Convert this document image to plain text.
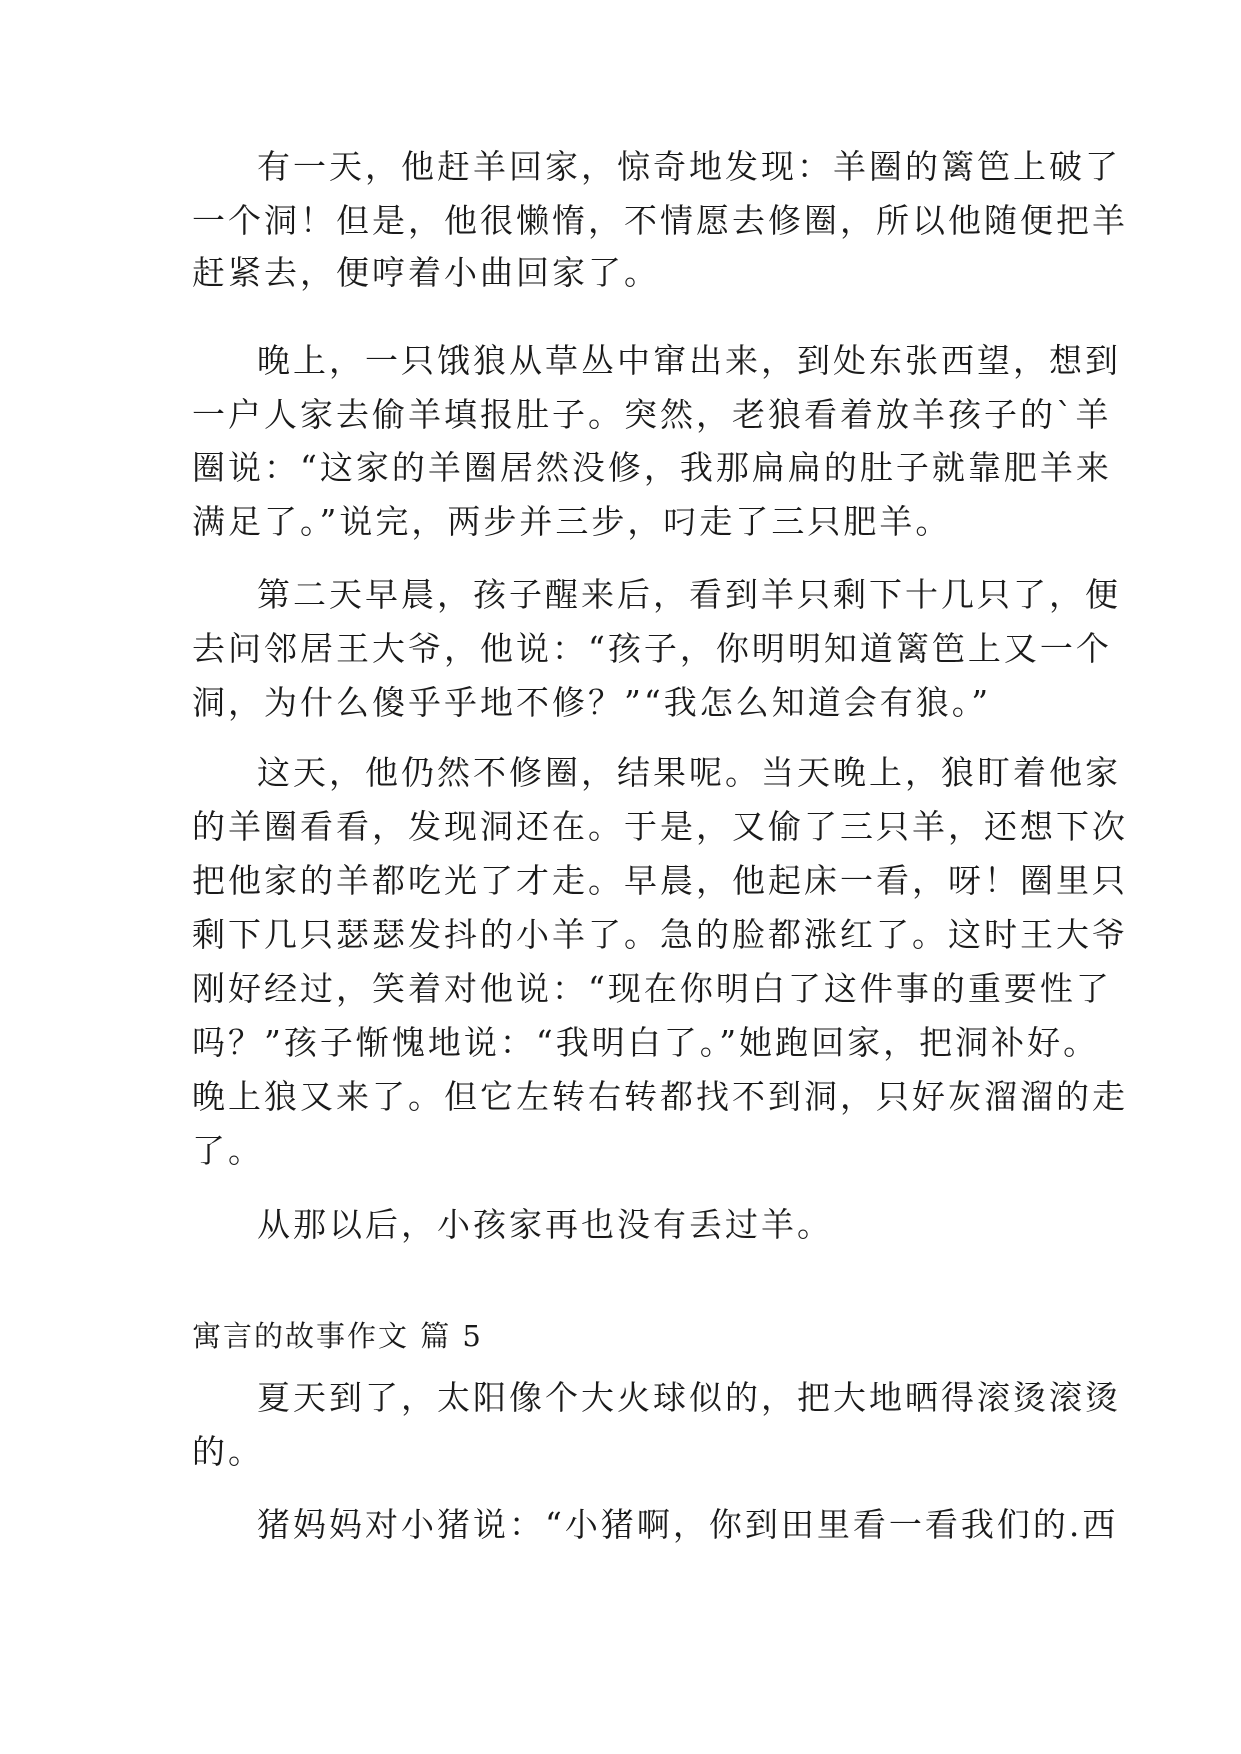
有一天，他赶羊回家，惊奇地发现：羊圈的篱笆上破了
一个洞！但是，他很懒惰，不情愿去修圈，所以他随便把羊
赶紧去，便哼着小曲回家了。
晚上，一只饿狼从草丛中窜出来，到处东张西望，想到
一户人家去偷羊填报肚子。突然，老狼看着放羊孩子的`羊
圈说：“这家的羊圈居然没修，我那扁扁的肚子就靠肥羊来
满足了。”说完，两步并三步，叼走了三只肥羊。
第二天早晨，孩子醒来后，看到羊只剩下十几只了，便
去问邻居王大爷，他说：“孩子，你明明知道篱笆上又一个
洞，为什么傻乎乎地不修？”“我怎么知道会有狼。”
这天，他仍然不修圈，结果呢。当天晚上，狼盯着他家
的羊圈看看，发现洞还在。于是，又偷了三只羊，还想下次
把他家的羊都吃光了才走。早晨，他起床一看，呀！圈里只
剩下几只瑟瑟发抖的小羊了。急的脸都涨红了。这时王大爷
刚好经过，笑着对他说：“现在你明白了这件事的重要性了
吗？”孩子惭愧地说：“我明白了。”她跑回家，把洞补好。
晚上狼又来了。但它左转右转都找不到洞，只好灰溜溜的走
了。
从那以后，小孩家再也没有丢过羊。
寓言的故事作文 篇 5
夏天到了，太阳像个大火球似的，把大地晒得滚烫滚烫
的。
猪妈妈对小猪说：“小猪啊，你到田里看一看我们的.西
